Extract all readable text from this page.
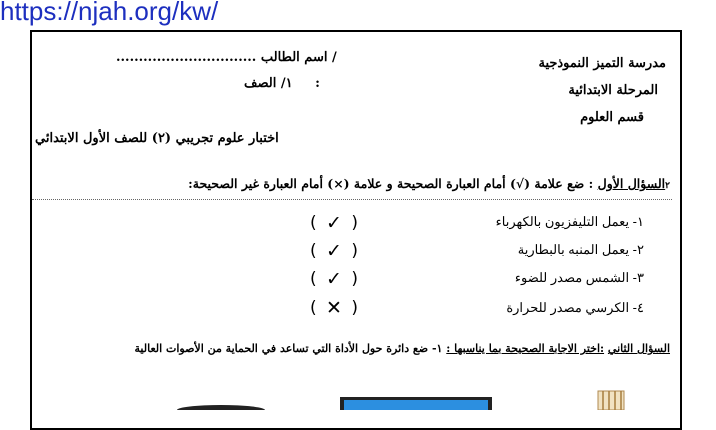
https://njah.org/kw/
مدرسة التميز النموذجية
المرحلة الابتدائية
قسم العلوم
............................... اسم الطالب /
١/ الصف :
اختبار علوم تجريبي (٢) للصف الأول الابتدائي
٢السؤال الأول : ضع علامة (√) أمام العبارة الصحيحة و علامة (×) أمام العبارة غير الصحيحة:
١- يعمل التليفزيون بالكهرباء
( ✓ )
٢- يعمل المنبه بالبطارية
( ✓ )
٣- الشمس مصدر للضوء
( ✓ )
٤- الكرسي مصدر للحرارة
( ✕ )
السؤال الثاني :اختر الاجابة الصحيحة بما يناسبها : ١- ضع دائرة حول الأداة التي تساعد في الحماية من الأصوات العالية
